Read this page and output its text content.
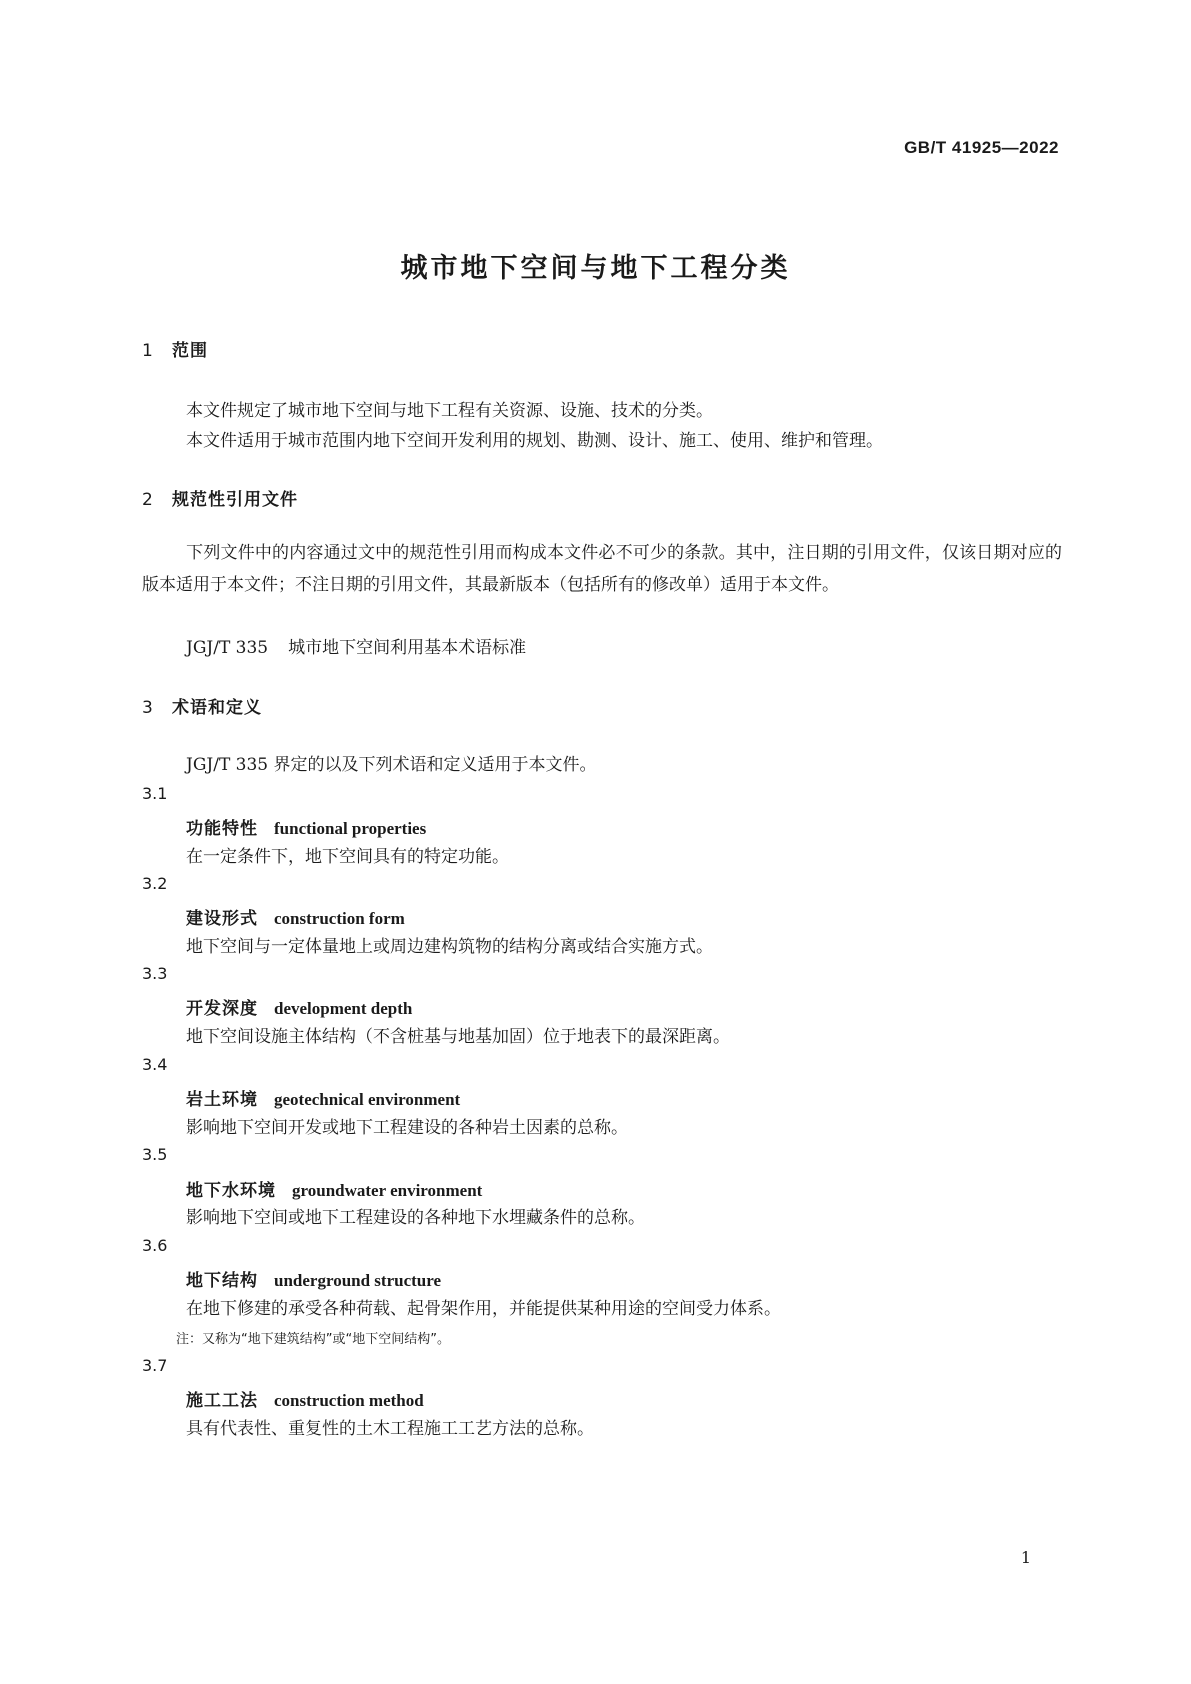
GB/T 41925—2022
城市地下空间与地下工程分类
1 范围
本文件规定了城市地下空间与地下工程有关资源、设施、技术的分类。
本文件适用于城市范围内地下空间开发利用的规划、勘测、设计、施工、使用、维护和管理。
2 规范性引用文件
下列文件中的内容通过文中的规范性引用而构成本文件必不可少的条款。其中，注日期的引用文件，仅该日期对应的版本适用于本文件；不注日期的引用文件，其最新版本（包括所有的修改单）适用于本文件。
JGJ/T 335 城市地下空间利用基本术语标准
3 术语和定义
JGJ/T 335 界定的以及下列术语和定义适用于本文件。
3.1
功能特性 functional properties
在一定条件下，地下空间具有的特定功能。
3.2
建设形式 construction form
地下空间与一定体量地上或周边建构筑物的结构分离或结合实施方式。
3.3
开发深度 development depth
地下空间设施主体结构（不含桩基与地基加固）位于地表下的最深距离。
3.4
岩土环境 geotechnical environment
影响地下空间开发或地下工程建设的各种岩土因素的总称。
3.5
地下水环境 groundwater environment
影响地下空间或地下工程建设的各种地下水埋藏条件的总称。
3.6
地下结构 underground structure
在地下修建的承受各种荷载、起骨架作用，并能提供某种用途的空间受力体系。
注：又称为“地下建筑结构”或“地下空间结构”。
3.7
施工工法 construction method
具有代表性、重复性的土木工程施工工艺方法的总称。
1
